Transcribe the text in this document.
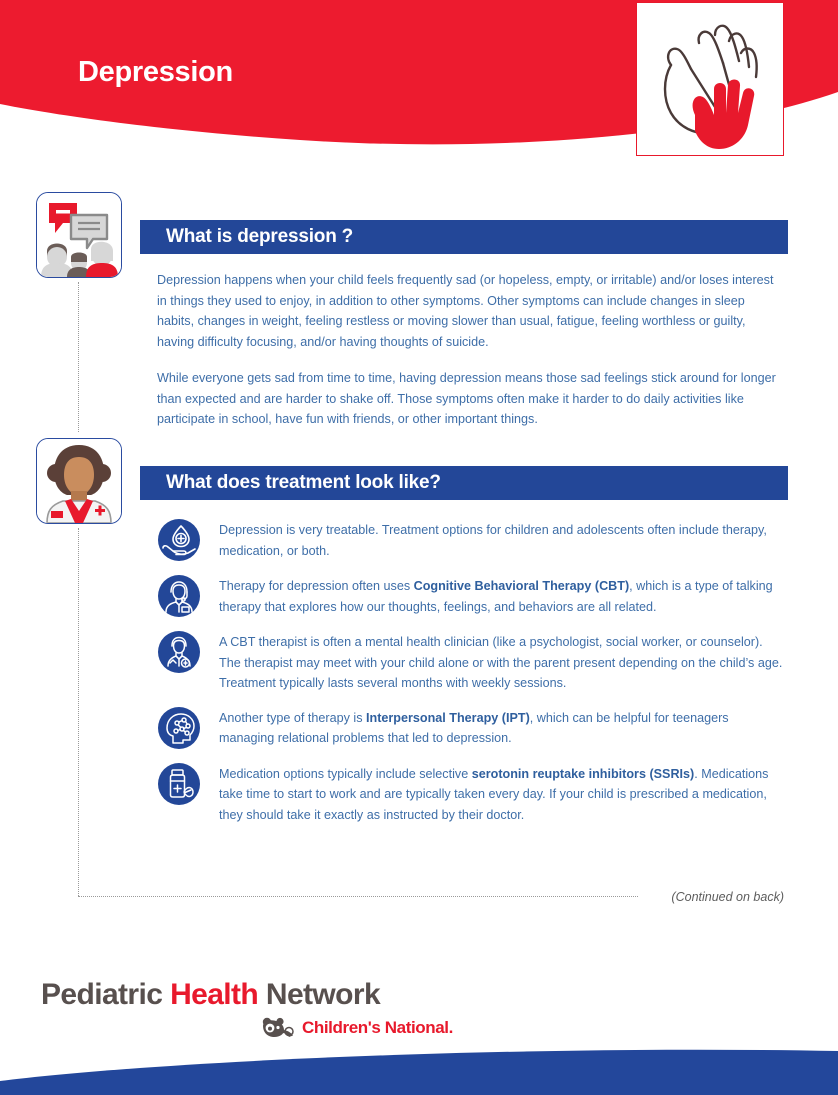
Depression
What is depression ?

Depression happens when your child feels frequently sad (or hopeless, empty, or irritable) and/or loses interest in things they used to enjoy, in addition to other symptoms. Other symptoms can include changes in sleep habits, changes in weight, feeling restless or moving slower than usual, fatigue, feeling worthless or guilty, having difficulty focusing, and/or having thoughts of suicide.

While everyone gets sad from time to time, having depression means those sad feelings stick around for longer than expected and are harder to shake off. Those symptoms often make it harder to do daily activities like participate in school, have fun with friends, or other important things.

What does treatment look like?
Depression is very treatable. Treatment options for children and adolescents often include therapy, medication, or both.
Therapy for depression often uses Cognitive Behavioral Therapy (CBT), which is a type of talking therapy that explores how our thoughts, feelings, and behaviors are all related.
A CBT therapist is often a mental health clinician (like a psychologist, social worker, or counselor). The therapist may meet with your child alone or with the parent present depending on the child’s age. Treatment typically lasts several months with weekly sessions.
Another type of therapy is Interpersonal Therapy (IPT), which can be helpful for teenagers managing relational problems that led to depression.
Medication options typically include selective serotonin reuptake inhibitors (SSRIs). Medications take time to start to work and are typically taken every day. If your child is prescribed a medication, they should take it exactly as instructed by their doctor.
(Continued on back)
Pediatric Health Network
Children's National.
